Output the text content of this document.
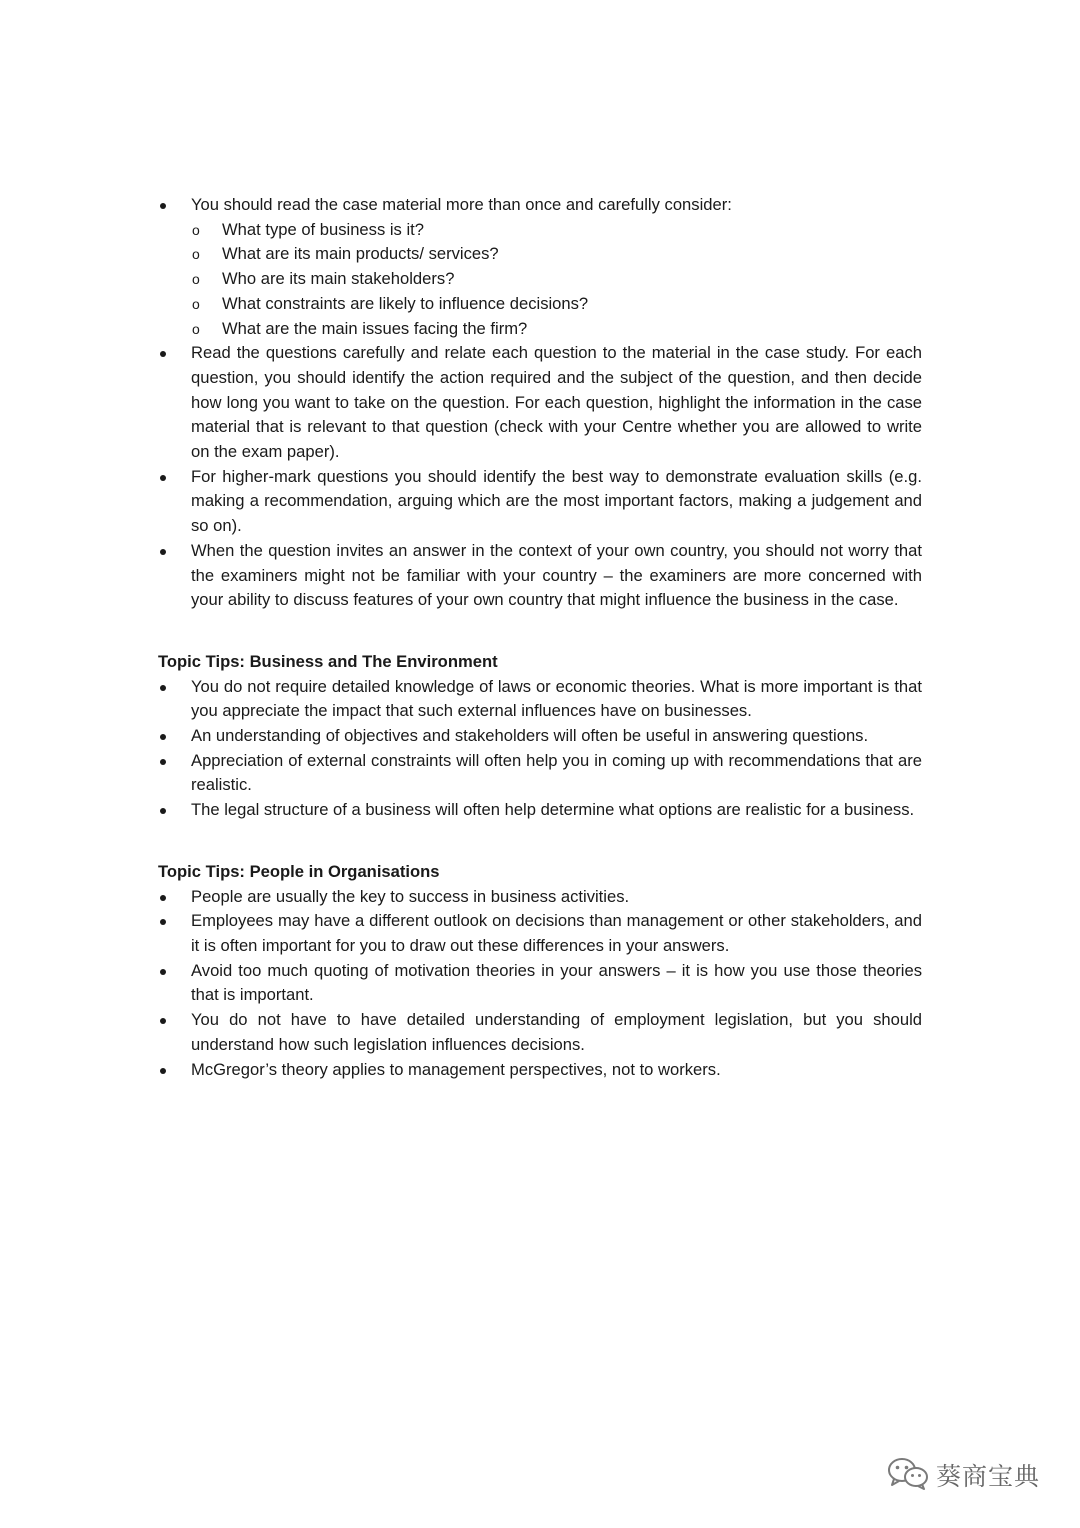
You should read the case material more than once and carefully consider:
o What type of business is it?
o What are its main products/ services?
o Who are its main stakeholders?
o What constraints are likely to influence decisions?
o What are the main issues facing the firm?
Read the questions carefully and relate each question to the material in the case study. For each question, you should identify the action required and the subject of the question, and then decide how long you want to take on the question. For each question, highlight the information in the case material that is relevant to that question (check with your Centre whether you are allowed to write on the exam paper).
For higher-mark questions you should identify the best way to demonstrate evaluation skills (e.g. making a recommendation, arguing which are the most important factors, making a judgement and so on).
When the question invites an answer in the context of your own country, you should not worry that the examiners might not be familiar with your country – the examiners are more concerned with your ability to discuss features of your own country that might influence the business in the case.
Topic Tips: Business and The Environment
You do not require detailed knowledge of laws or economic theories. What is more important is that you appreciate the impact that such external influences have on businesses.
An understanding of objectives and stakeholders will often be useful in answering questions.
Appreciation of external constraints will often help you in coming up with recommendations that are realistic.
The legal structure of a business will often help determine what options are realistic for a business.
Topic Tips: People in Organisations
People are usually the key to success in business activities.
Employees may have a different outlook on decisions than management or other stakeholders, and it is often important for you to draw out these differences in your answers.
Avoid too much quoting of motivation theories in your answers – it is how you use those theories that is important.
You do not have to have detailed understanding of employment legislation, but you should understand how such legislation influences decisions.
McGregor’s theory applies to management perspectives, not to workers.
葵商宝典
